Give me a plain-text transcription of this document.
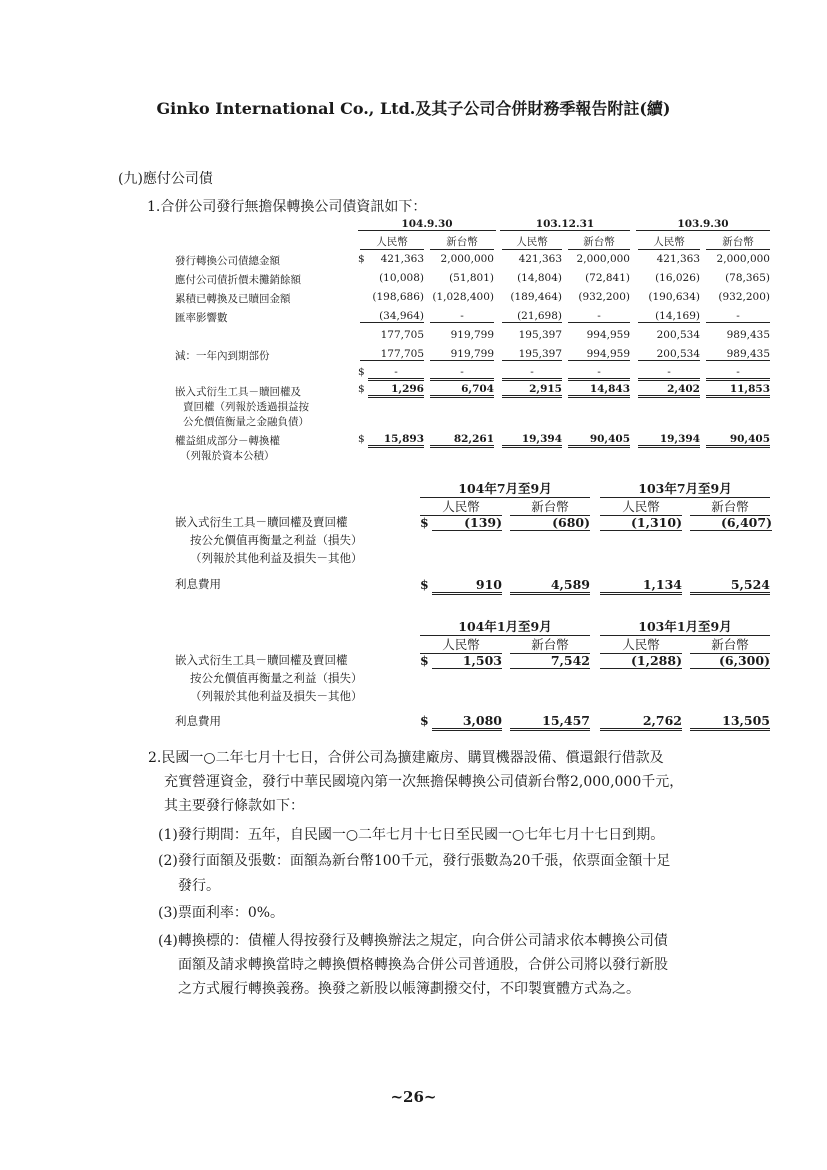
Ginko International Co., Ltd.及其子公司合併財務季報告附註(續)
(九)應付公司債
1.合併公司發行無擔保轉換公司債資訊如下：
104.9.30	103.12.31	103.9.30
人民幣	新台幣	人民幣	新台幣	人民幣	新台幣
發行轉換公司債總金額	$	421,363	2,000,000	421,363	2,000,000	421,363	2,000,000
應付公司債折價未攤銷餘額	(10,008)	(51,801)	(14,804)	(72,841)	(16,026)	(78,365)
累積已轉換及已贖回金額	(198,686) (1,028,400)	(189,464)	(932,200)	(190,634)	(932,200)
匯率影響數	(34,964)	-	(21,698)	-	(14,169)	-
177,705	919,799	195,397	994,959	200,534	989,435
減：一年內到期部份	177,705	919,799	195,397	994,959	200,534	989,435
$	-	-	-	-	-	-
嵌入式衍生工具－贖回權及
賣回權（列報於透過損益按
公允價值衡量之金融負債）
$	1,296	6,704	2,915	14,843	2,402	11,853
權益組成部分－轉換權
（列報於資本公積）
$	15,893	82,261	19,394	90,405	19,394	90,405
104年7月至9月	103年7月至9月
人民幣	新台幣	人民幣	新台幣
嵌入式衍生工具－贖回權及賣回權
按公允價值再衡量之利益（損失）
（列報於其他利益及損失－其他）
$	(139)	(680)	(1,310)	(6,407)
利息費用	$	910	4,589	1,134	5,524
104年1月至9月	103年1月至9月
人民幣	新台幣	人民幣	新台幣
嵌入式衍生工具－贖回權及賣回權
按公允價值再衡量之利益（損失）
（列報於其他利益及損失－其他）
$	1,503	7,542	(1,288)	(6,300)
利息費用	$	3,080	15,457	2,762	13,505
2.民國一○二年七月十七日，合併公司為擴建廠房、購買機器設備、償還銀行借款及
充實營運資金，發行中華民國境內第一次無擔保轉換公司債新台幣2,000,000千元，
其主要發行條款如下：
(1)發行期間：五年，自民國一○二年七月十七日至民國一○七年七月十七日到期。
(2)發行面額及張數：面額為新台幣100千元，發行張數為20千張，依票面金額十足
發行。
(3)票面利率：0%。
(4)轉換標的：債權人得按發行及轉換辦法之規定，向合併公司請求依本轉換公司債
面額及請求轉換當時之轉換價格轉換為合併公司普通股，合併公司將以發行新股
之方式履行轉換義務。換發之新股以帳簿劃撥交付，不印製實體方式為之。
~26~
